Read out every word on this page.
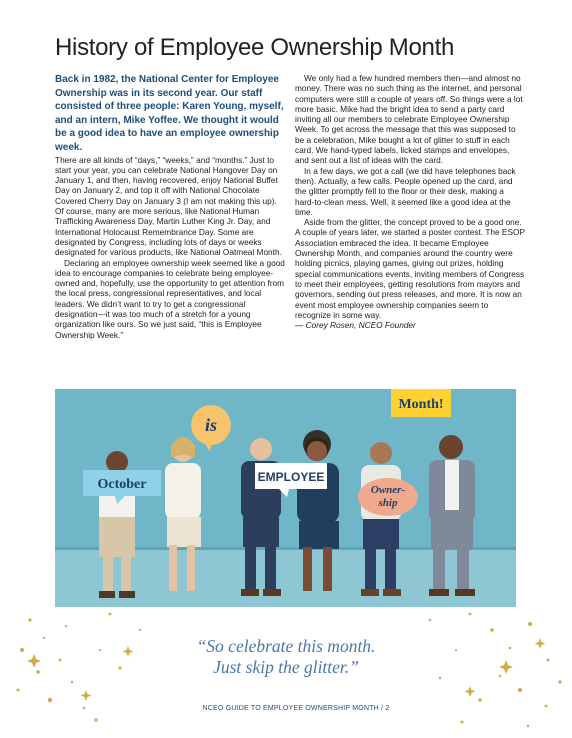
History of Employee Ownership Month

Back in 1982, the National Center for Employee Ownership was in its second year. Our staff consisted of three people: Karen Young, myself, and an intern, Mike Yoffee. We thought it would be a good idea to have an employee ownership week.

There are all kinds of “days,” “weeks,” and “months.” Just to start your year, you can celebrate National Hangover Day on January 1, and then, having recovered, enjoy National Buffet Day on January 2, and top it off with National Chocolate Covered Cherry Day on January 3 (I am not making this up). Of course, many are more serious, like National Human Trafficking Awareness Day, Martin Luther King Jr. Day, and International Holocaust Remembrance Day. Some are designated by Congress, including lots of days or weeks designated for various products, like National Oatmeal Month.

Declaring an employee ownership week seemed like a good idea to encourage companies to celebrate being employee-owned and, hopefully, use the opportunity to get attention from the local press, congressional representatives, and local leaders. We didn’t want to try to get a congressional designation—it was too much of a stretch for a young organization like ours. So we just said, “this is Employee Ownership Week.”

We only had a few hundred members then—and almost no money. There was no such thing as the internet, and personal computers were still a couple of years off. So things were a lot more basic. Mike had the bright idea to send a party card inviting all our members to celebrate Employee Ownership Week. To get across the message that this was supposed to be a celebration, Mike bought a lot of glitter to stuff in each card. We hand-typed labels, licked stamps and envelopes, and sent out a list of ideas with the card.

In a few days, we got a call (we did have telephones back then). Actually, a few calls. People opened up the card, and the glitter promptly fell to the floor or their desk, making a hard-to-clean mess. Well, it seemed like a good idea at the time.

Aside from the glitter, the concept proved to be a good one. A couple of years later, we started a poster contest. The ESOP Association embraced the idea. It became Employee Ownership Month, and companies around the country were holding picnics, playing games, giving out prizes, holding special communications events, inviting members of Congress to meet their employees, getting resolutions from mayors and governors, sending out press releases, and more. It is now an event most employee ownership companies seem to recognize in some way.

— Corey Rosen, NCEO Founder

October
is
EMPLOYEE
Owner-
ship
Month!
“So celebrate this month.
Just skip the glitter.”
NCEO GUIDE TO EMPLOYEE OWNERSHIP MONTH / 2
